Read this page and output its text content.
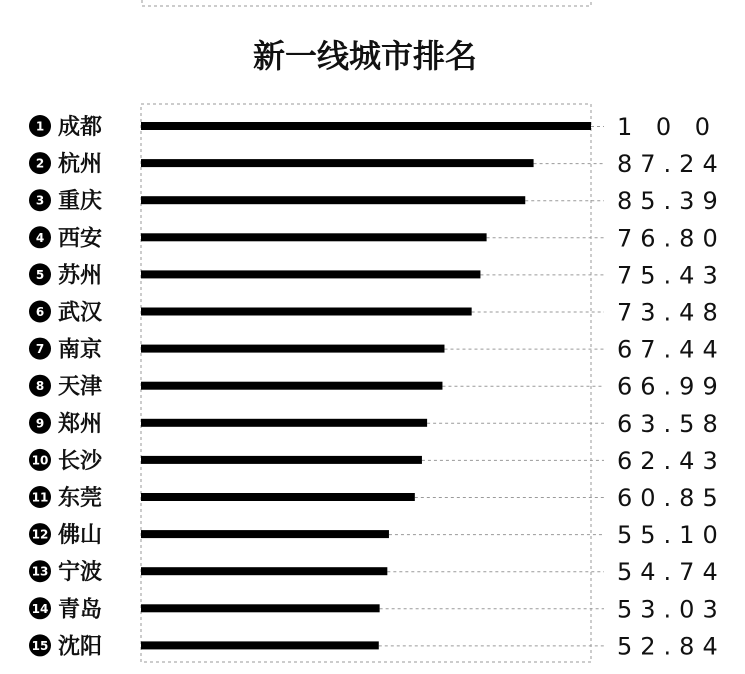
新一线城市排名
1 成都	1 0 0
2 杭州	87.24
3 重庆	85.39
4 西安	76.80
5 苏州	75.43
6 武汉	73.48
7 南京	67.44
8 天津	66.99
9 郑州	63.58
10 长沙	62.43
11 东莞	60.85
12 佛山	55.10
13 宁波	54.74
14 青岛	53.03
15 沈阳	52.84
